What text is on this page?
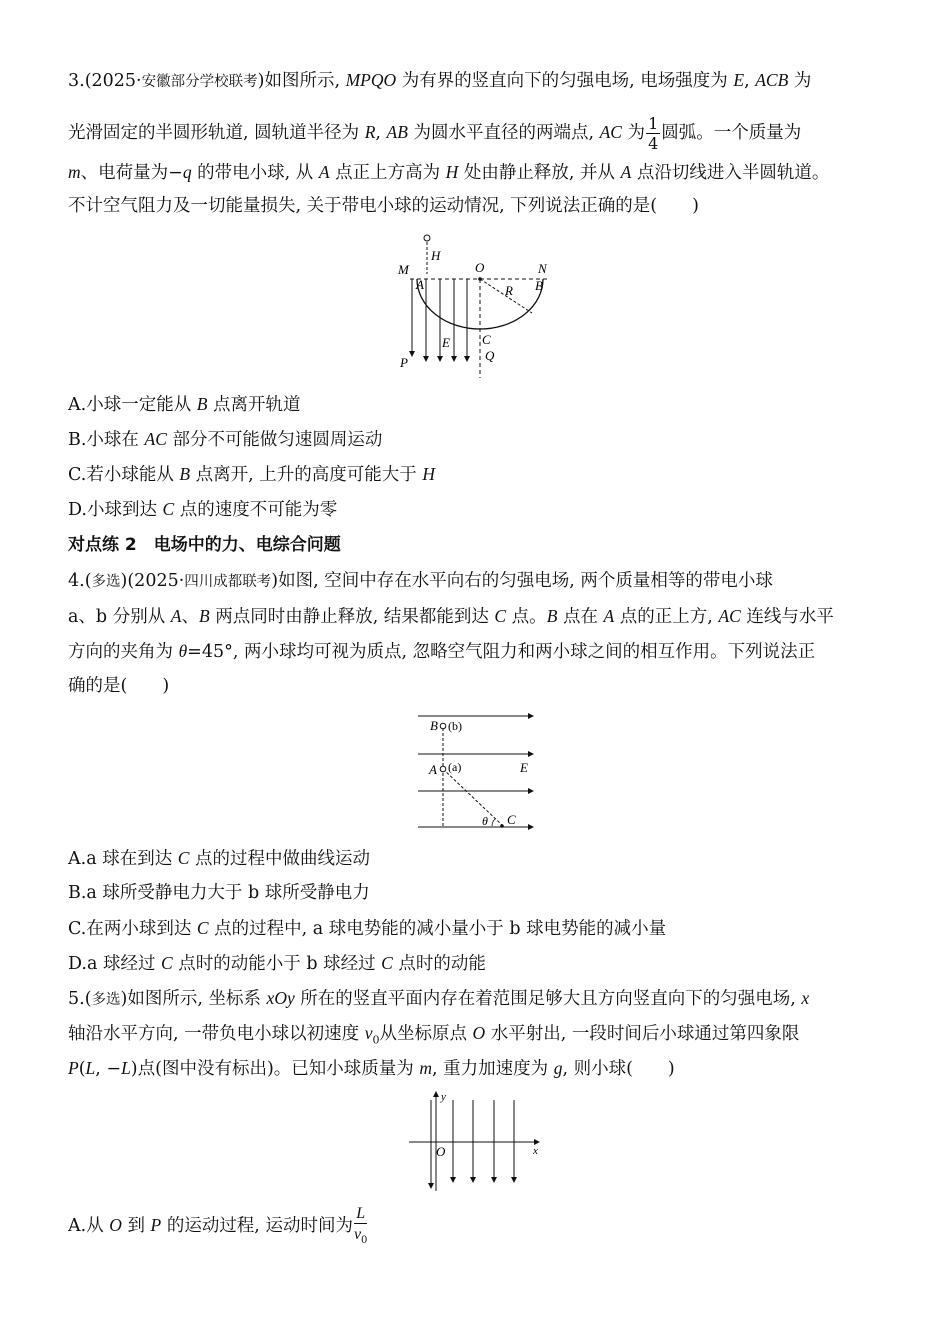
3.(2025·安徽部分学校联考)如图所示, MPQO 为有界的竖直向下的匀强电场, 电场强度为 E, ACB 为
光滑固定的半圆形轨道, 圆轨道半径为 R, AB 为圆水平直径的两端点, AC 为 $\frac{1}{4}$ 圆弧。一个质量为
m、电荷量为−q 的带电小球, 从 A 点正上方高为 H 处由静止释放, 并从 A 点沿切线进入半圆轨道。
不计空气阻力及一切能量损失, 关于带电小球的运动情况, 下列说法正确的是(　　)
M
H
O	N
A	B
R
E C
P	Q
A.小球一定能从 B 点离开轨道
B.小球在 AC 部分不可能做匀速圆周运动
C.若小球能从 B 点离开, 上升的高度可能大于 H
D.小球到达 C 点的速度不可能为零
对点练 2　电场中的力、电综合问题
4.(多选)(2025·四川成都联考)如图, 空间中存在水平向右的匀强电场, 两个质量相等的带电小球
a、b 分别从 A、B 两点同时由静止释放, 结果都能到达 C 点。B 点在 A 点的正上方, AC 连线与水平
方向的夹角为 θ=45°, 两小球均可视为质点, 忽略空气阻力和两小球之间的相互作用。下列说法正
确的是(　　)
B (b)
A (a)	E
θ C
A.a 球在到达 C 点的过程中做曲线运动
B.a 球所受静电力大于 b 球所受静电力
C.在两小球到达 C 点的过程中, a 球电势能的减小量小于 b 球电势能的减小量
D.a 球经过 C 点时的动能小于 b 球经过 C 点时的动能
5.(多选)如图所示, 坐标系 xOy 所在的竖直平面内存在着范围足够大且方向竖直向下的匀强电场, x
轴沿水平方向, 一带负电小球以初速度 $v_0$从坐标原点 O 水平射出, 一段时间后小球通过第四象限
P(L, −L)点(图中没有标出)。已知小球质量为 m, 重力加速度为 g, 则小球(　　)
y
O	x
A.从 O 到 P 的运动过程, 运动时间为 $\frac{L}{v_0}$
